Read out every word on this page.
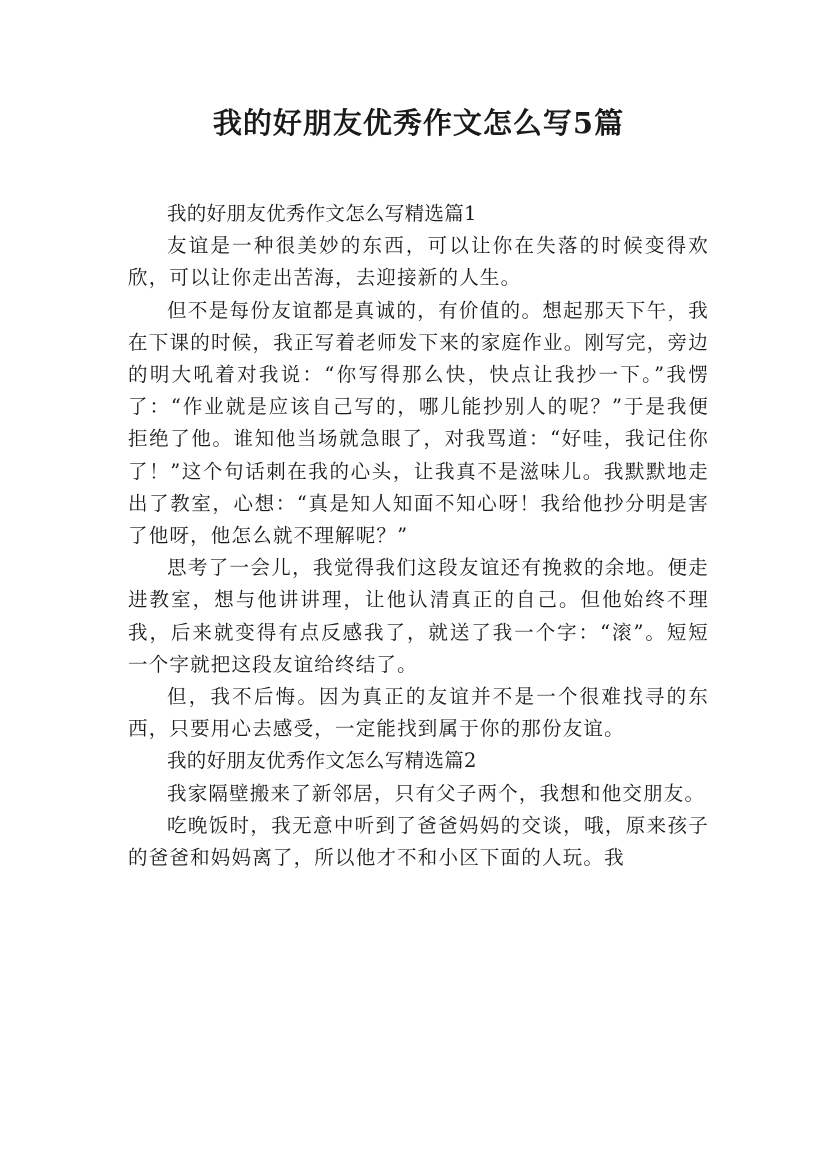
我的好朋友优秀作文怎么写5篇

我的好朋友优秀作文怎么写精选篇1

友谊是一种很美妙的东西，可以让你在失落的时候变得欢欣，可以让你走出苦海，去迎接新的人生。

但不是每份友谊都是真诚的，有价值的。想起那天下午，我在下课的时候，我正写着老师发下来的家庭作业。刚写完，旁边的明大吼着对我说：“你写得那么快，快点让我抄一下。”我愣了：“作业就是应该自己写的，哪儿能抄别人的呢？”于是我便拒绝了他。谁知他当场就急眼了，对我骂道：“好哇，我记住你了！”这个句话刺在我的心头，让我真不是滋味儿。我默默地走出了教室，心想：“真是知人知面不知心呀！我给他抄分明是害了他呀，他怎么就不理解呢？”

思考了一会儿，我觉得我们这段友谊还有挽救的余地。便走进教室，想与他讲讲理，让他认清真正的自己。但他始终不理我，后来就变得有点反感我了，就送了我一个字：“滚”。短短一个字就把这段友谊给终结了。

但，我不后悔。因为真正的友谊并不是一个很难找寻的东西，只要用心去感受，一定能找到属于你的那份友谊。

我的好朋友优秀作文怎么写精选篇2

我家隔壁搬来了新邻居，只有父子两个，我想和他交朋友。

吃晚饭时，我无意中听到了爸爸妈妈的交谈，哦，原来孩子的爸爸和妈妈离了，所以他才不和小区下面的人玩。我
